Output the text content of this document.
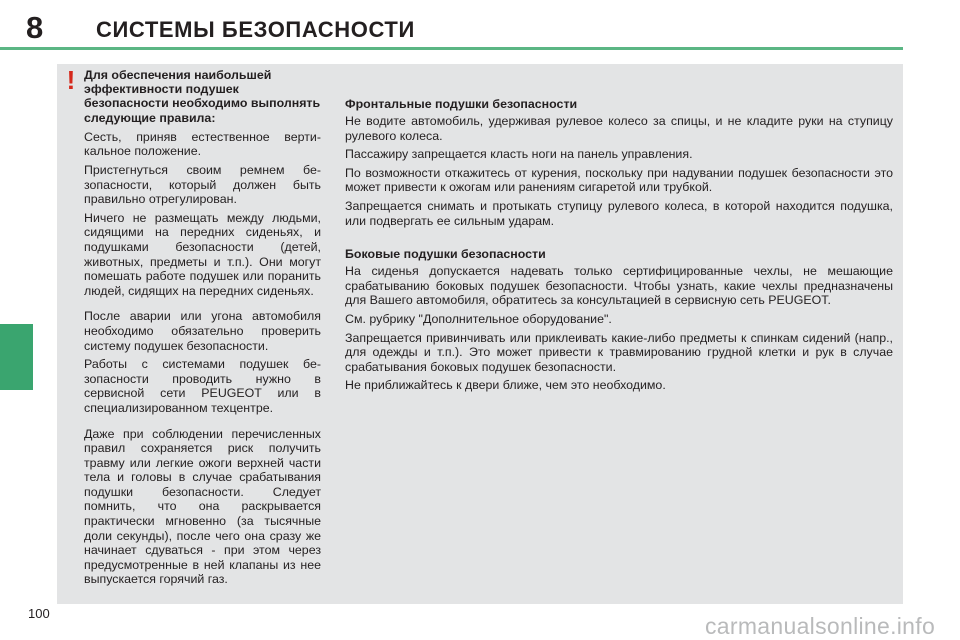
8 СИСТЕМЫ БЕЗОПАСНОСТИ
! Для обеспечения наибольшей эффективности подушек безопасности необходимо выполнять следующие правила:

Сесть, приняв естественное вертикальное положение.

Пристегнуться своим ремнем безопасности, который должен быть правильно отрегулирован.

Ничего не размещать между людьми, сидящими на передних сиденьях, и подушками безопасности (детей, животных, предметы и т.п.). Они могут помешать работе подушек или поранить людей, сидящих на передних сиденьях.

После аварии или угона автомобиля необходимо обязательно проверить систему подушек безопасности.

Работы с системами подушек безопасности проводить нужно в сервисной сети PEUGEOT или в специализированном техцентре.

Даже при соблюдении перечисленных правил сохраняется риск получить травму или легкие ожоги верхней части тела и головы в случае срабатывания подушки безопасности. Следует помнить, что она раскрывается практически мгновенно (за тысячные доли секунды), после чего она сразу же начинает сдуваться - при этом через предусмотренные в ней клапаны из нее выпускается горячий газ.

Фронтальные подушки безопасности

Не водите автомобиль, удерживая рулевое колесо за спицы, и не кладите руки на ступицу рулевого колеса.

Пассажиру запрещается класть ноги на панель управления.

По возможности откажитесь от курения, поскольку при надувании подушек безопасности это может привести к ожогам или ранениям сигаретой или трубкой.

Запрещается снимать и протыкать ступицу рулевого колеса, в которой находится подушка, или подвергать ее сильным ударам.

Боковые подушки безопасности

На сиденья допускается надевать только сертифицированные чехлы, не мешающие срабатыванию боковых подушек безопасности. Чтобы узнать, какие чехлы предназначены для Вашего автомобиля, обратитесь за консультацией в сервисную сеть PEUGEOT.

См. рубрику "Дополнительное оборудование".

Запрещается привинчивать или приклеивать какие-либо предметы к спинкам сидений (напр., для одежды и т.п.). Это может привести к травмированию грудной клетки и рук в случае срабатывания боковых подушек безопасности.

Не приближайтесь к двери ближе, чем это необходимо.

100	carmanualsonline.info
